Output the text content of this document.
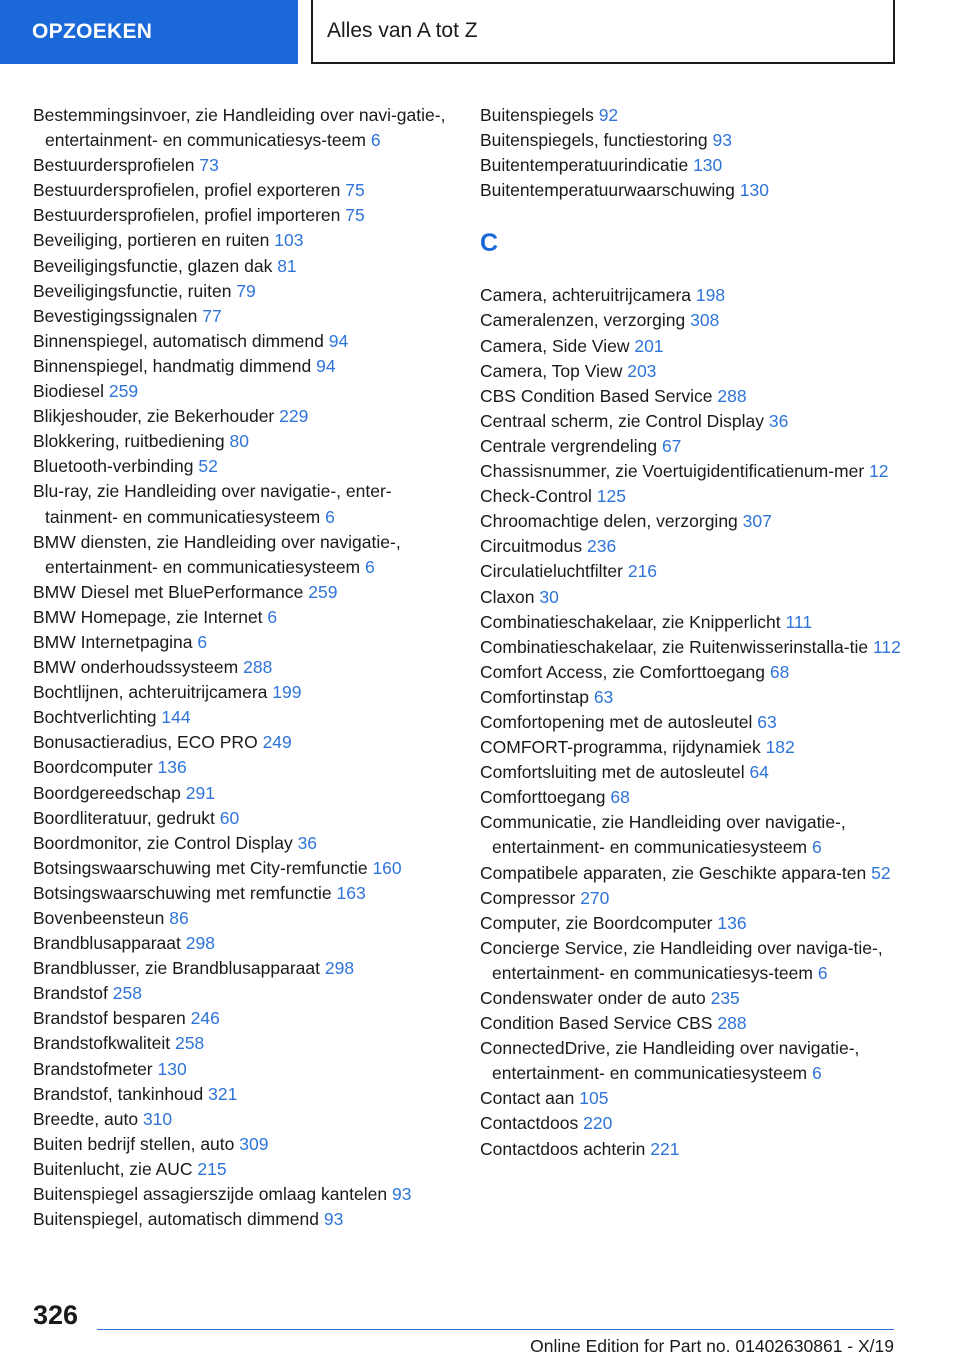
OPZOEKEN	Alles van A tot Z
Bestemmingsinvoer, zie Handleiding over navi-gatie-, entertainment- en communicatiesys-teem 6
Bestuurdersprofielen 73
Bestuurdersprofielen, profiel exporteren 75
Bestuurdersprofielen, profiel importeren 75
Beveiliging, portieren en ruiten 103
Beveiligingsfunctie, glazen dak 81
Beveiligingsfunctie, ruiten 79
Bevestigingssignalen 77
Binnenspiegel, automatisch dimmend 94
Binnenspiegel, handmatig dimmend 94
Biodiesel 259
Blikjeshouder, zie Bekerhouder 229
Blokkering, ruitbediening 80
Bluetooth-verbinding 52
Blu-ray, zie Handleiding over navigatie-, enter-tainment- en communicatiesysteem 6
BMW diensten, zie Handleiding over navigatie-, entertainment- en communicatiesysteem 6
BMW Diesel met BluePerformance 259
BMW Homepage, zie Internet 6
BMW Internetpagina 6
BMW onderhoudssysteem 288
Bochtlijnen, achteruitrijcamera 199
Bochtverlichting 144
Bonusactieradius, ECO PRO 249
Boordcomputer 136
Boordgereedschap 291
Boordliteratuur, gedrukt 60
Boordmonitor, zie Control Display 36
Botsingswaarschuwing met City-remfunctie 160
Botsingswaarschuwing met remfunctie 163
Bovenbeensteun 86
Brandblusapparaat 298
Brandblusser, zie Brandblusapparaat 298
Brandstof 258
Brandstof besparen 246
Brandstofkwaliteit 258
Brandstofmeter 130
Brandstof, tankinhoud 321
Breedte, auto 310
Buiten bedrijf stellen, auto 309
Buitenlucht, zie AUC 215
Buitenspiegel assagierszijde omlaag kantelen 93
Buitenspiegel, automatisch dimmend 93
Buitenspiegels 92
Buitenspiegels, functiestoring 93
Buitentemperatuurindicatie 130
Buitentemperatuurwaarschuwing 130
C
Camera, achteruitrijcamera 198
Cameralenzen, verzorging 308
Camera, Side View 201
Camera, Top View 203
CBS Condition Based Service 288
Centraal scherm, zie Control Display 36
Centrale vergrendeling 67
Chassisnummer, zie Voertuigidentificatienum-mer 12
Check-Control 125
Chroomachtige delen, verzorging 307
Circuitmodus 236
Circulatieluchtfilter 216
Claxon 30
Combinatieschakelaar, zie Knipperlicht 111
Combinatieschakelaar, zie Ruitenwisserinstalla-tie 112
Comfort Access, zie Comforttoegang 68
Comfortinstap 63
Comfortopening met de autosleutel 63
COMFORT-programma, rijdynamiek 182
Comfortsluiting met de autosleutel 64
Comforttoegang 68
Communicatie, zie Handleiding over navigatie-, entertainment- en communicatiesysteem 6
Compatibele apparaten, zie Geschikte appara-ten 52
Compressor 270
Computer, zie Boordcomputer 136
Concierge Service, zie Handleiding over naviga-tie-, entertainment- en communicatiesys-teem 6
Condenswater onder de auto 235
Condition Based Service CBS 288
ConnectedDrive, zie Handleiding over navigatie-, entertainment- en communicatiesysteem 6
Contact aan 105
Contactdoos 220
Contactdoos achterin 221
326
Online Edition for Part no. 01402630861 - X/19
